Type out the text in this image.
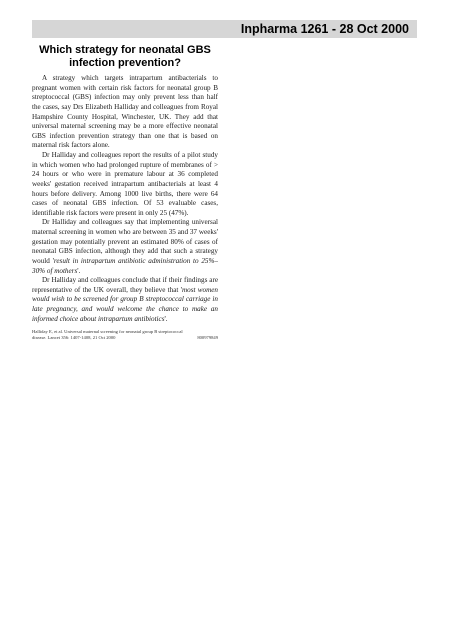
Inpharma 1261 - 28 Oct 2000
Which strategy for neonatal GBS
infection prevention?

A strategy which targets intrapartum antibacterials to pregnant women with certain risk factors for neonatal group B streptococcal (GBS) infection may only prevent less than half the cases, say Drs Elizabeth Halliday and colleagues from Royal Hampshire County Hospital, Winchester, UK. They add that universal maternal screening may be a more effective neonatal GBS infection prevention strategy than one that is based on maternal risk factors alone.

Dr Halliday and colleagues report the results of a pilot study in which women who had prolonged rupture of membranes of > 24 hours or who were in premature labour at 36 completed weeks' gestation received intrapartum antibacterials at least 4 hours before delivery. Among 1000 live births, there were 64 cases of neonatal GBS infection. Of 53 evaluable cases, identifiable risk factors were present in only 25 (47%).

Dr Halliday and colleagues say that implementing universal maternal screening in women who are between 35 and 37 weeks' gestation may potentially prevent an estimated 80% of cases of neonatal GBS infection, although they add that such a strategy would 'result in intrapartum antibiotic administration to 25%–30% of mothers'.

Dr Halliday and colleagues conclude that if their findings are representative of the UK overall, they believe that 'most women would wish to be screened for group B streptococcal carriage in late pregnancy, and would welcome the chance to make an informed choice about intrapartum antibiotics'.

Halliday E, et al. Universal maternal screening for neonatal group B streptococcal disease. Lancet 356: 1407-1408, 21 Oct 2000	800979849
